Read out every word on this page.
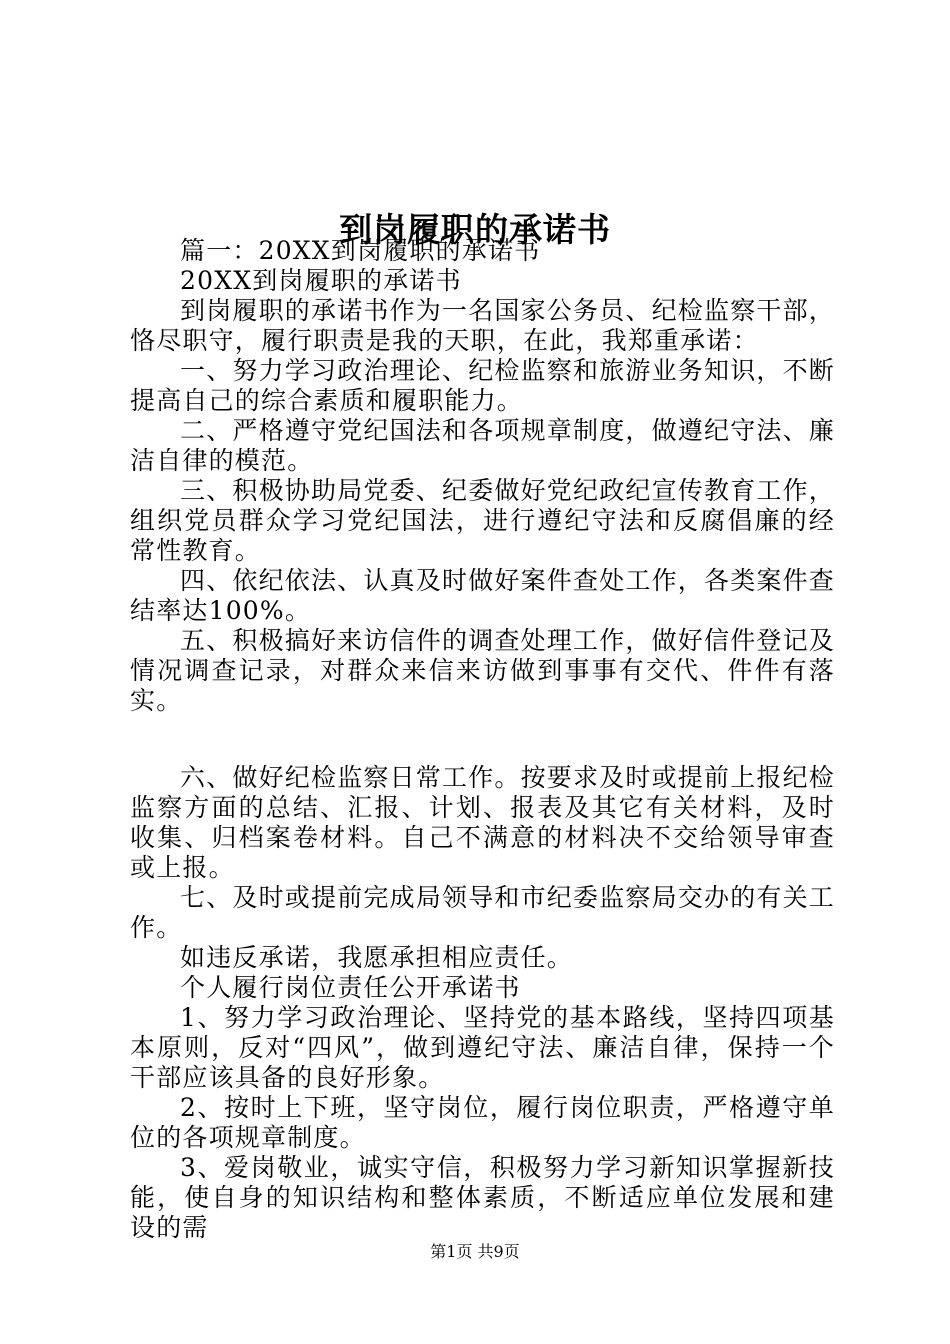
到岗履职的承诺书

篇一：20XX到岗履职的承诺书

20XX到岗履职的承诺书

到岗履职的承诺书作为一名国家公务员、纪检监察干部，恪尽职守，履行职责是我的天职，在此，我郑重承诺：

一、努力学习政治理论、纪检监察和旅游业务知识，不断提高自己的综合素质和履职能力。

二、严格遵守党纪国法和各项规章制度，做遵纪守法、廉洁自律的模范。

三、积极协助局党委、纪委做好党纪政纪宣传教育工作，组织党员群众学习党纪国法，进行遵纪守法和反腐倡廉的经常性教育。

四、依纪依法、认真及时做好案件查处工作，各类案件查结率达100%。

五、积极搞好来访信件的调查处理工作，做好信件登记及情况调查记录，对群众来信来访做到事事有交代、件件有落实。

六、做好纪检监察日常工作。按要求及时或提前上报纪检监察方面的总结、汇报、计划、报表及其它有关材料，及时收集、归档案卷材料。自己不满意的材料决不交给领导审查或上报。

七、及时或提前完成局领导和市纪委监察局交办的有关工作。

如违反承诺，我愿承担相应责任。

个人履行岗位责任公开承诺书

1、努力学习政治理论、坚持党的基本路线，坚持四项基本原则，反对“四风”，做到遵纪守法、廉洁自律，保持一个干部应该具备的良好形象。

2、按时上下班，坚守岗位，履行岗位职责，严格遵守单位的各项规章制度。

3、爱岗敬业，诚实守信，积极努力学习新知识掌握新技能，使自身的知识结构和整体素质，不断适应单位发展和建设的需

第1页 共9页
